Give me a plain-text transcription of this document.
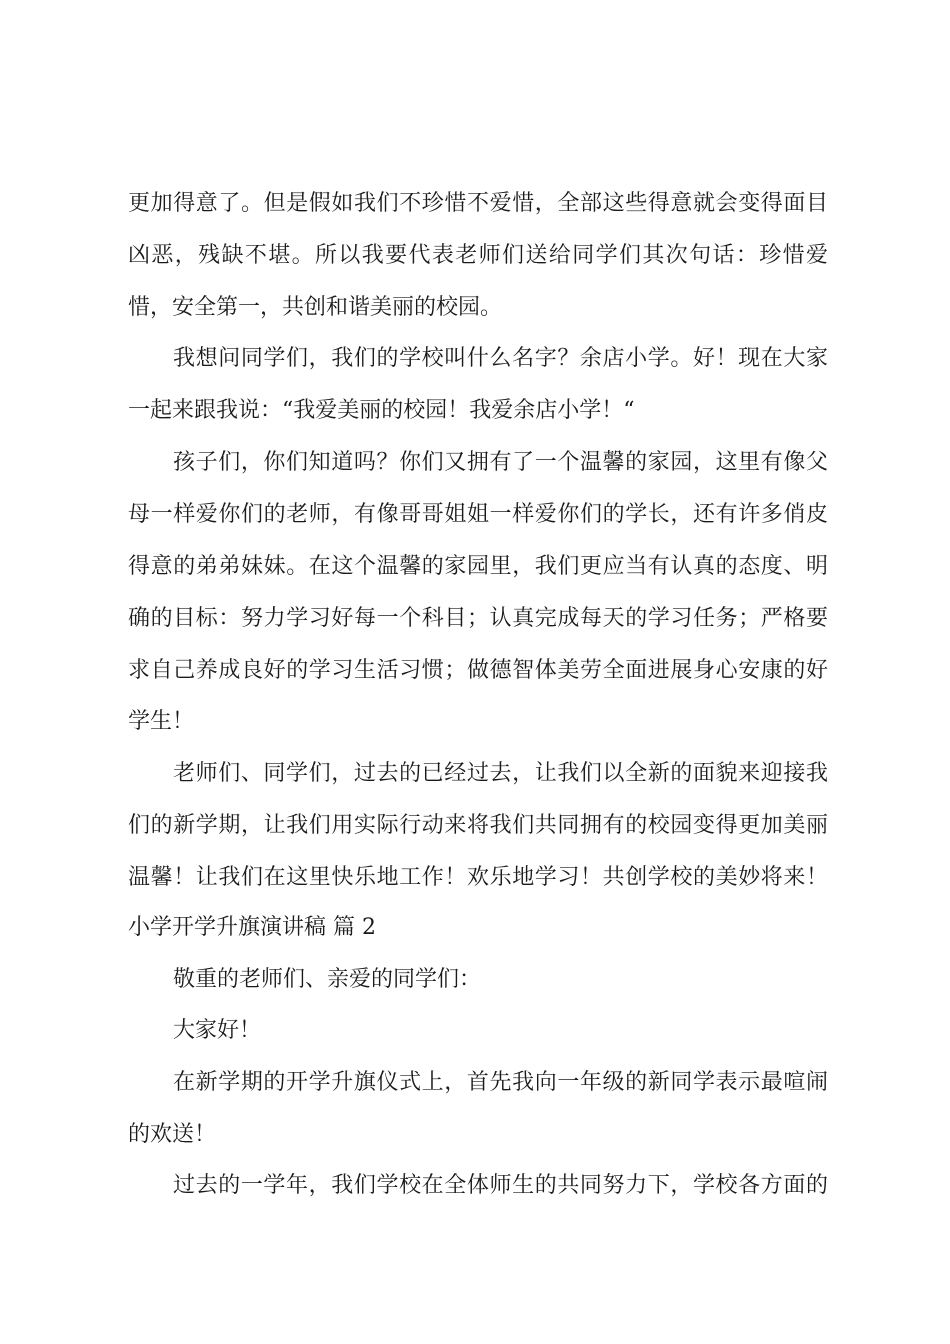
更加得意了。但是假如我们不珍惜不爱惜，全部这些得意就会变得面目
凶恶，残缺不堪。所以我要代表老师们送给同学们其次句话：珍惜爱
惜，安全第一，共创和谐美丽的校园。
我想问同学们，我们的学校叫什么名字？余店小学。好！现在大家
一起来跟我说：“我爱美丽的校园！我爱余店小学！“
孩子们，你们知道吗？你们又拥有了一个温馨的家园，这里有像父
母一样爱你们的老师，有像哥哥姐姐一样爱你们的学长，还有许多俏皮
得意的弟弟妹妹。在这个温馨的家园里，我们更应当有认真的态度、明
确的目标：努力学习好每一个科目；认真完成每天的学习任务；严格要
求自己养成良好的学习生活习惯；做德智体美劳全面进展身心安康的好
学生！
老师们、同学们，过去的已经过去，让我们以全新的面貌来迎接我
们的新学期，让我们用实际行动来将我们共同拥有的校园变得更加美丽
温馨！让我们在这里快乐地工作！欢乐地学习！共创学校的美妙将来！
小学开学升旗演讲稿 篇 2
敬重的老师们、亲爱的同学们：
大家好！
在新学期的开学升旗仪式上，首先我向一年级的新同学表示最喧闹
的欢送！
过去的一学年，我们学校在全体师生的共同努力下，学校各方面的
